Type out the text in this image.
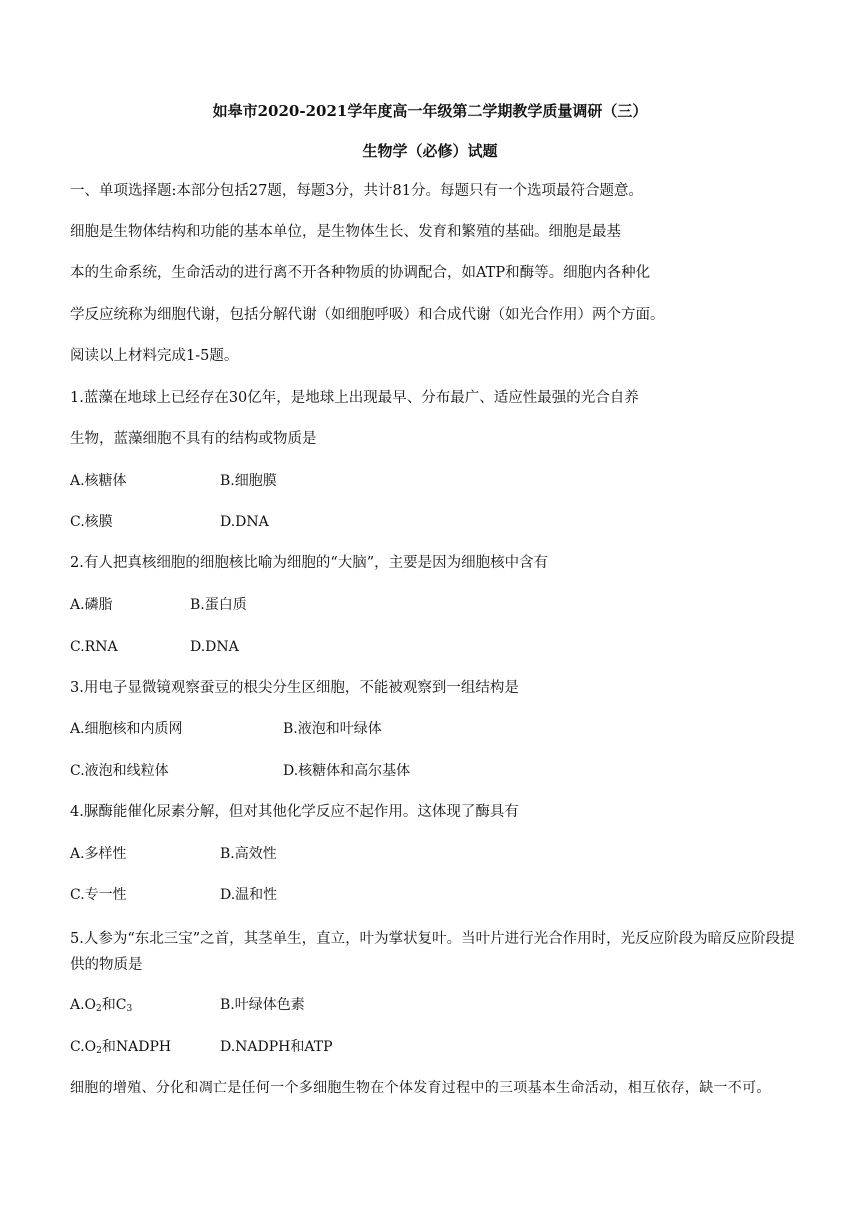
如皋市2020-2021学年度高一年级第二学期教学质量调研（三）
生物学（必修）试题
一、单项选择题:本部分包括27题，每题3分，共计81分。每题只有一个选项最符合题意。
细胞是生物体结构和功能的基本单位，是生物体生长、发育和繁殖的基础。细胞是最基
本的生命系统，生命活动的进行离不开各种物质的协调配合，如ATP和酶等。细胞内各种化
学反应统称为细胞代谢，包括分解代谢（如细胞呼吸）和合成代谢（如光合作用）两个方面。
阅读以上材料完成1-5题。
1.蓝藻在地球上已经存在30亿年，是地球上出现最早、分布最广、适应性最强的光合自养
生物，蓝藻细胞不具有的结构或物质是
A.核糖体	B.细胞膜
C.核膜	D.DNA
2.有人把真核细胞的细胞核比喻为细胞的“大脑”，主要是因为细胞核中含有
A.磷脂	B.蛋白质
C.RNA	D.DNA
3.用电子显微镜观察蚕豆的根尖分生区细胞，不能被观察到一组结构是
A.细胞核和内质网	B.液泡和叶绿体
C.液泡和线粒体	D.核糖体和高尔基体
4.脲酶能催化尿素分解，但对其他化学反应不起作用。这体现了酶具有
A.多样性	B.高效性
C.专一性	D.温和性
5.人参为“东北三宝”之首，其茎单生，直立，叶为掌状复叶。当叶片进行光合作用时，光反应阶段为暗反应阶段提供的物质是
$A.O_2$和$C_3$	B.叶绿体色素
$C.O_2$和NADPH	D.NADPH和ATP
细胞的增殖、分化和凋亡是任何一个多细胞生物在个体发育过程中的三项基本生命活动，相互依存，缺一不可。
